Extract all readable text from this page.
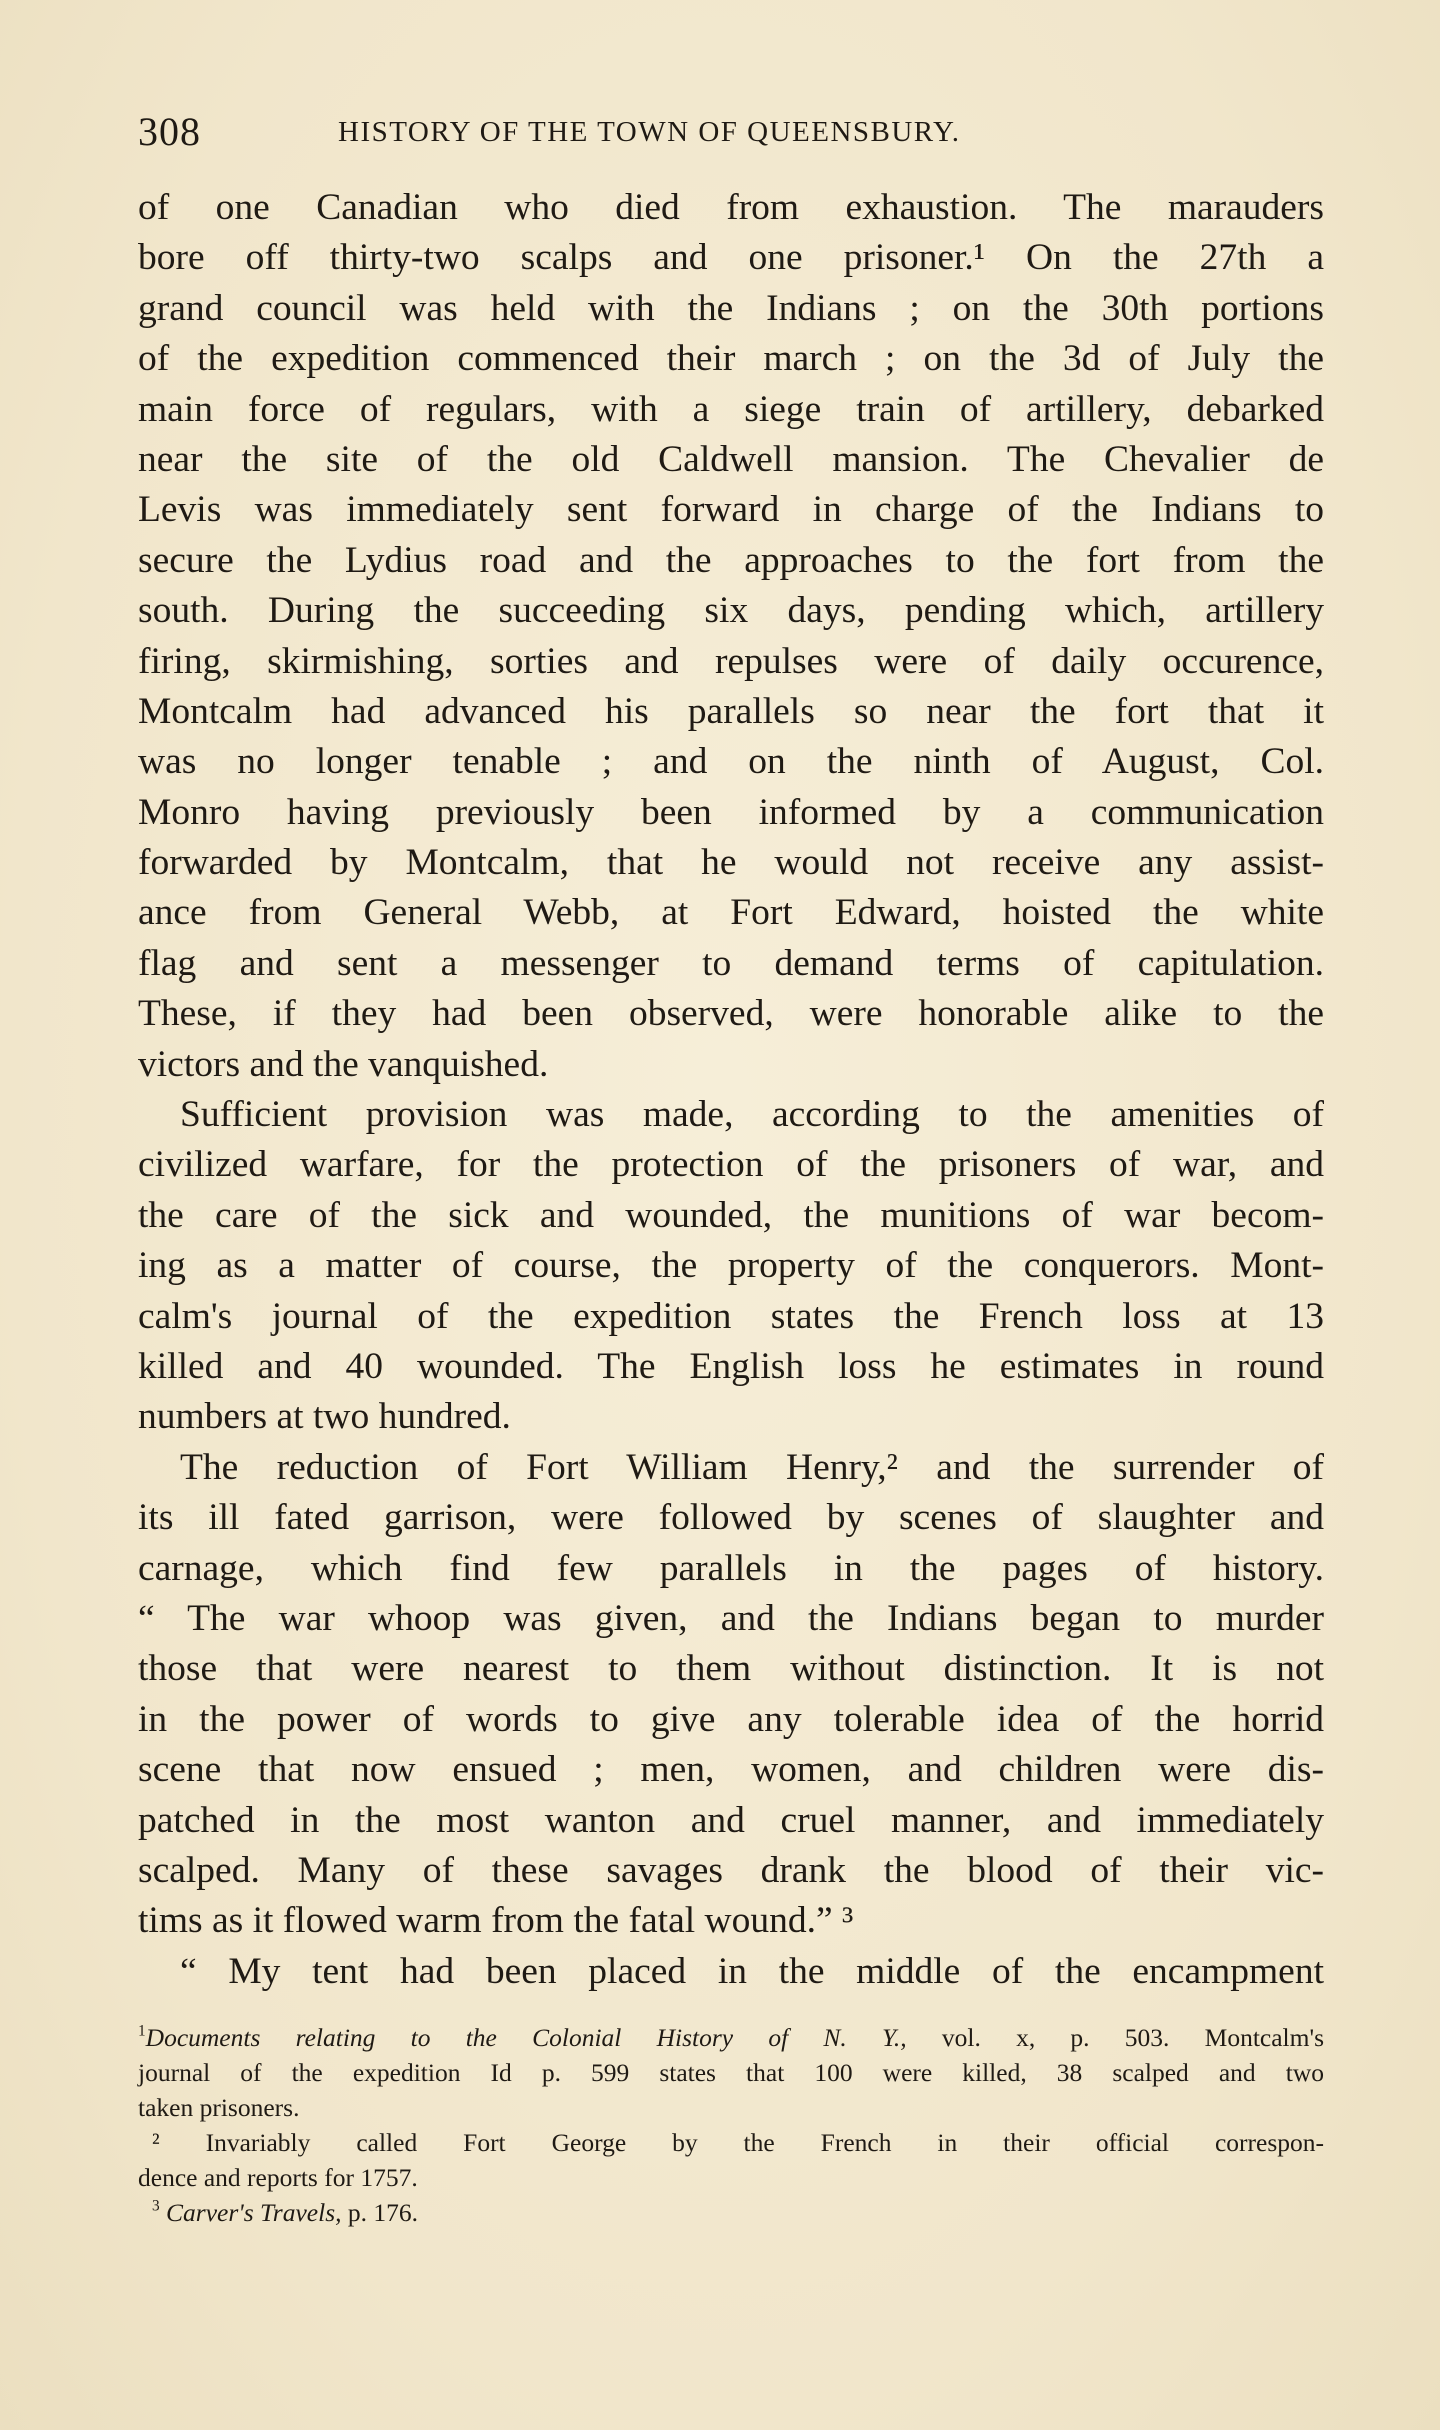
308	HISTORY OF THE TOWN OF QUEENSBURY.
of one Canadian who died from exhaustion. The marauders
bore off thirty-two scalps and one prisoner.¹ On the 27th a
grand council was held with the Indians ; on the 30th portions
of the expedition commenced their march ; on the 3d of July the
main force of regulars, with a siege train of artillery, debarked
near the site of the old Caldwell mansion. The Chevalier de
Levis was immediately sent forward in charge of the Indians to
secure the Lydius road and the approaches to the fort from the
south. During the succeeding six days, pending which, artillery
firing, skirmishing, sorties and repulses were of daily occurence,
Montcalm had advanced his parallels so near the fort that it
was no longer tenable ; and on the ninth of August, Col.
Monro having previously been informed by a communication
forwarded by Montcalm, that he would not receive any assist-
ance from General Webb, at Fort Edward, hoisted the white
flag and sent a messenger to demand terms of capitulation.
These, if they had been observed, were honorable alike to the
victors and the vanquished.
Sufficient provision was made, according to the amenities of
civilized warfare, for the protection of the prisoners of war, and
the care of the sick and wounded, the munitions of war becom-
ing as a matter of course, the property of the conquerors. Mont-
calm's journal of the expedition states the French loss at 13
killed and 40 wounded. The English loss he estimates in round
numbers at two hundred.
The reduction of Fort William Henry,² and the surrender of
its ill fated garrison, were followed by scenes of slaughter and
carnage, which find few parallels in the pages of history.
“ The war whoop was given, and the Indians began to murder
those that were nearest to them without distinction. It is not
in the power of words to give any tolerable idea of the horrid
scene that now ensued ; men, women, and children were dis-
patched in the most wanton and cruel manner, and immediately
scalped. Many of these savages drank the blood of their vic-
tims as it flowed warm from the fatal wound.” ³
“ My tent had been placed in the middle of the encampment
$^1$Documents relating to the Colonial History of N. Y., vol. x, p. 503. Montcalm's
journal of the expedition Id p. 599 states that 100 were killed, 38 scalped and two
taken prisoners.
² Invariably called Fort George by the French in their official correspon-
dence and reports for 1757.
$^3$ Carver's Travels, p. 176.
